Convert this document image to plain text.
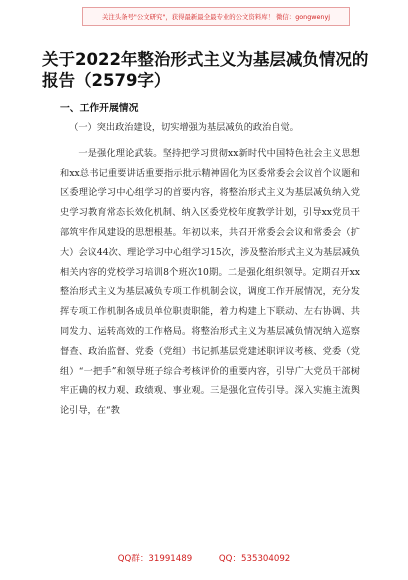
关注头条号"公文研究"，获得最新最全最专业的公文资料库！ 微信：gongwenyj
关于2022年整治形式主义为基层减负情况的报告（2579字）
一、工作开展情况

（一）突出政治建设，切实增强为基层减负的政治自觉。

一是强化理论武装。坚持把学习贯彻xx新时代中国特色社会主义思想和xx总书记重要讲话重要指示批示精神固化为区委常委会会议首个议题和区委理论学习中心组学习的首要内容，将整治形式主义为基层减负纳入党史学习教育常态长效化机制、纳入区委党校年度教学计划，引导xx党员干部筑牢作风建设的思想根基。年初以来，共召开常委会会议和常委会（扩大）会议44次、理论学习中心组学习15次，涉及整治形式主义为基层减负相关内容的党校学习培训8个班次10期。二是强化组织领导。定期召开xx整治形式主义为基层减负专项工作机制会议，调度工作开展情况，充分发挥专项工作机制各成员单位职责职能，着力构建上下联动、左右协调、共同发力、运转高效的工作格局。将整治形式主义为基层减负情况纳入巡察督查、政治监督、党委（党组）书记抓基层党建述职评议考核、党委（党组）“一把手”和领导班子综合考核评价的重要内容，引导广大党员干部树牢正确的权力观、政绩观、事业观。三是强化宣传引导。深入实施主流舆论引导，在“教

QQ群：31991489	QQ：535304092
